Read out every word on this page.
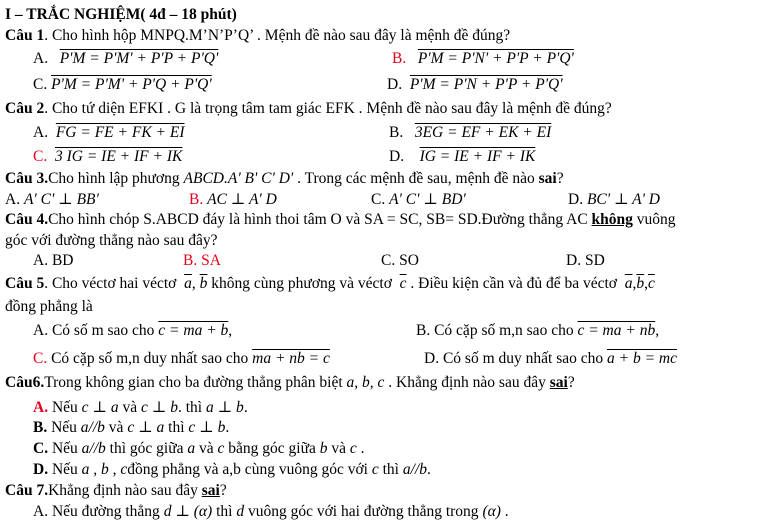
I – TRẮC NGHIỆM( 4đ – 18 phút)
Câu 1. Cho hình hộp MNPQ.M’N’P’Q’ . Mệnh đề nào sau đây là mệnh đề đúng?
A. P'M = P'M' + P'P + P'Q'	B. P'M = P'N' + P'P + P'Q'
C. P'M = P'M' + P'Q + P'Q'	D. P'M = P'N + P'P + P'Q'
Câu 2. Cho tứ diện EFKI . G là trọng tâm tam giác EFK . Mệnh đề nào sau đây là mệnh đề đúng?
A. FG = FE + FK + EI	B. 3EG = EF + EK + EI
C. 3 IG = IE + IF + IK	D. IG = IE + IF + IK
Câu 3.Cho hình lập phương ABCD.A' B' C' D' . Trong các mệnh đề sau, mệnh đề nào sai?
A. A' C' ⊥ BB'	B. AC ⊥ A' D	C. A' C' ⊥ BD'	D. BC' ⊥ A' D
Câu 4.Cho hình chóp S.ABCD đáy là hình thoi tâm O và SA = SC, SB= SD.Đường thẳng AC không vuông
góc với đường thẳng nào sau đây?
A. BD	B. SA	C. SO	D. SD
Câu 5. Cho véctơ hai véctơ  $\overline{a}$, $\overline{b}$ không cùng phương và véctơ  $\overline{c}$ . Điều kiện cần và đủ để ba véctơ  $\overline{a},\overline{b},\overline{c}$
đồng phẳng là
A. Có số m sao cho c = ma + b,	B. Có cặp số m,n sao cho c = ma + nb,
C. Có cặp số m,n duy nhất sao cho ma + nb = c	D. Có số m duy nhất sao cho a + b = mc
Câu6.Trong không gian cho ba đường thẳng phân biệt a, b, c . Khẳng định nào sau đây sai?
A. Nếu c ⊥ a và c ⊥ b. thì a ⊥ b.
B. Nếu a//b và c ⊥ a thì c ⊥ b.
C. Nếu a//b thì góc giữa a và c bằng góc giữa b và c .
D. Nếu a , b , cđồng phẳng và a,b cùng vuông góc với c thì a//b.
Câu 7.Khẳng định nào sau đây sai?
A. Nếu đường thẳng d ⊥ (α) thì d vuông góc với hai đường thẳng trong (α) .
